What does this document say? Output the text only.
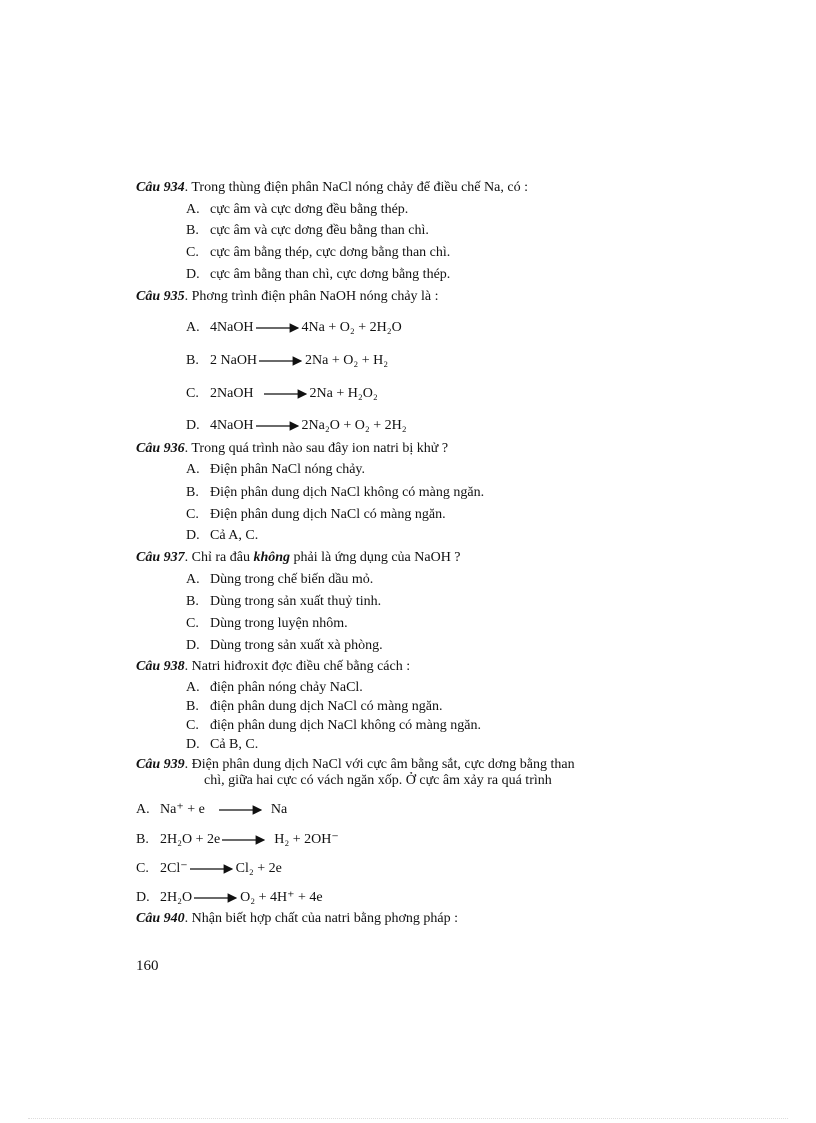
Câu 934. Trong thùng điện phân NaCl nóng chảy để điều chế Na, có :
A. cực âm và cực dơng đều bằng thép.
B. cực âm và cực dơng đều bằng than chì.
C. cực âm bằng thép, cực dơng bằng than chì.
D. cực âm bằng than chì, cực dơng bằng thép.
Câu 935. Phơng trình điện phân NaOH nóng chảy là :
A. 4NaOH → 4Na + O₂ + 2H₂O
B. 2 NaOH → 2Na + O₂ + H₂
C. 2NaOH → 2Na + H₂O₂
D. 4NaOH → 2Na₂O + O₂ + 2H₂
Câu 936. Trong quá trình nào sau đây ion natri bị khử ?
A. Điện phân NaCl nóng chảy.
B. Điện phân dung dịch NaCl không có màng ngăn.
C. Điện phân dung dịch NaCl có màng ngăn.
D. Cả A, C.
Câu 937. Chỉ ra đâu không phải là ứng dụng của NaOH ?
A. Dùng trong chế biến dầu mỏ.
B. Dùng trong sản xuất thuỷ tinh.
C. Dùng trong luyện nhôm.
D. Dùng trong sản xuất xà phòng.
Câu 938. Natri hiđroxit đợc điều chế bằng cách :
A. điện phân nóng chảy NaCl.
B. điện phân dung dịch NaCl có màng ngăn.
C. điện phân dung dịch NaCl không có màng ngăn.
D. Cả B, C.
Câu 939. Điện phân dung dịch NaCl với cực âm bằng sắt, cực dơng bằng than
chì, giữa hai cực có vách ngăn xốp. Ở cực âm xảy ra quá trình
A. Na⁺ + e → Na
B. 2H₂O + 2e → H₂ + 2OH⁻
C. 2Cl⁻ → Cl₂ + 2e
D. 2H₂O → O₂ + 4H⁺ + 4e
Câu 940. Nhận biết hợp chất của natri bằng phơng pháp :
160
